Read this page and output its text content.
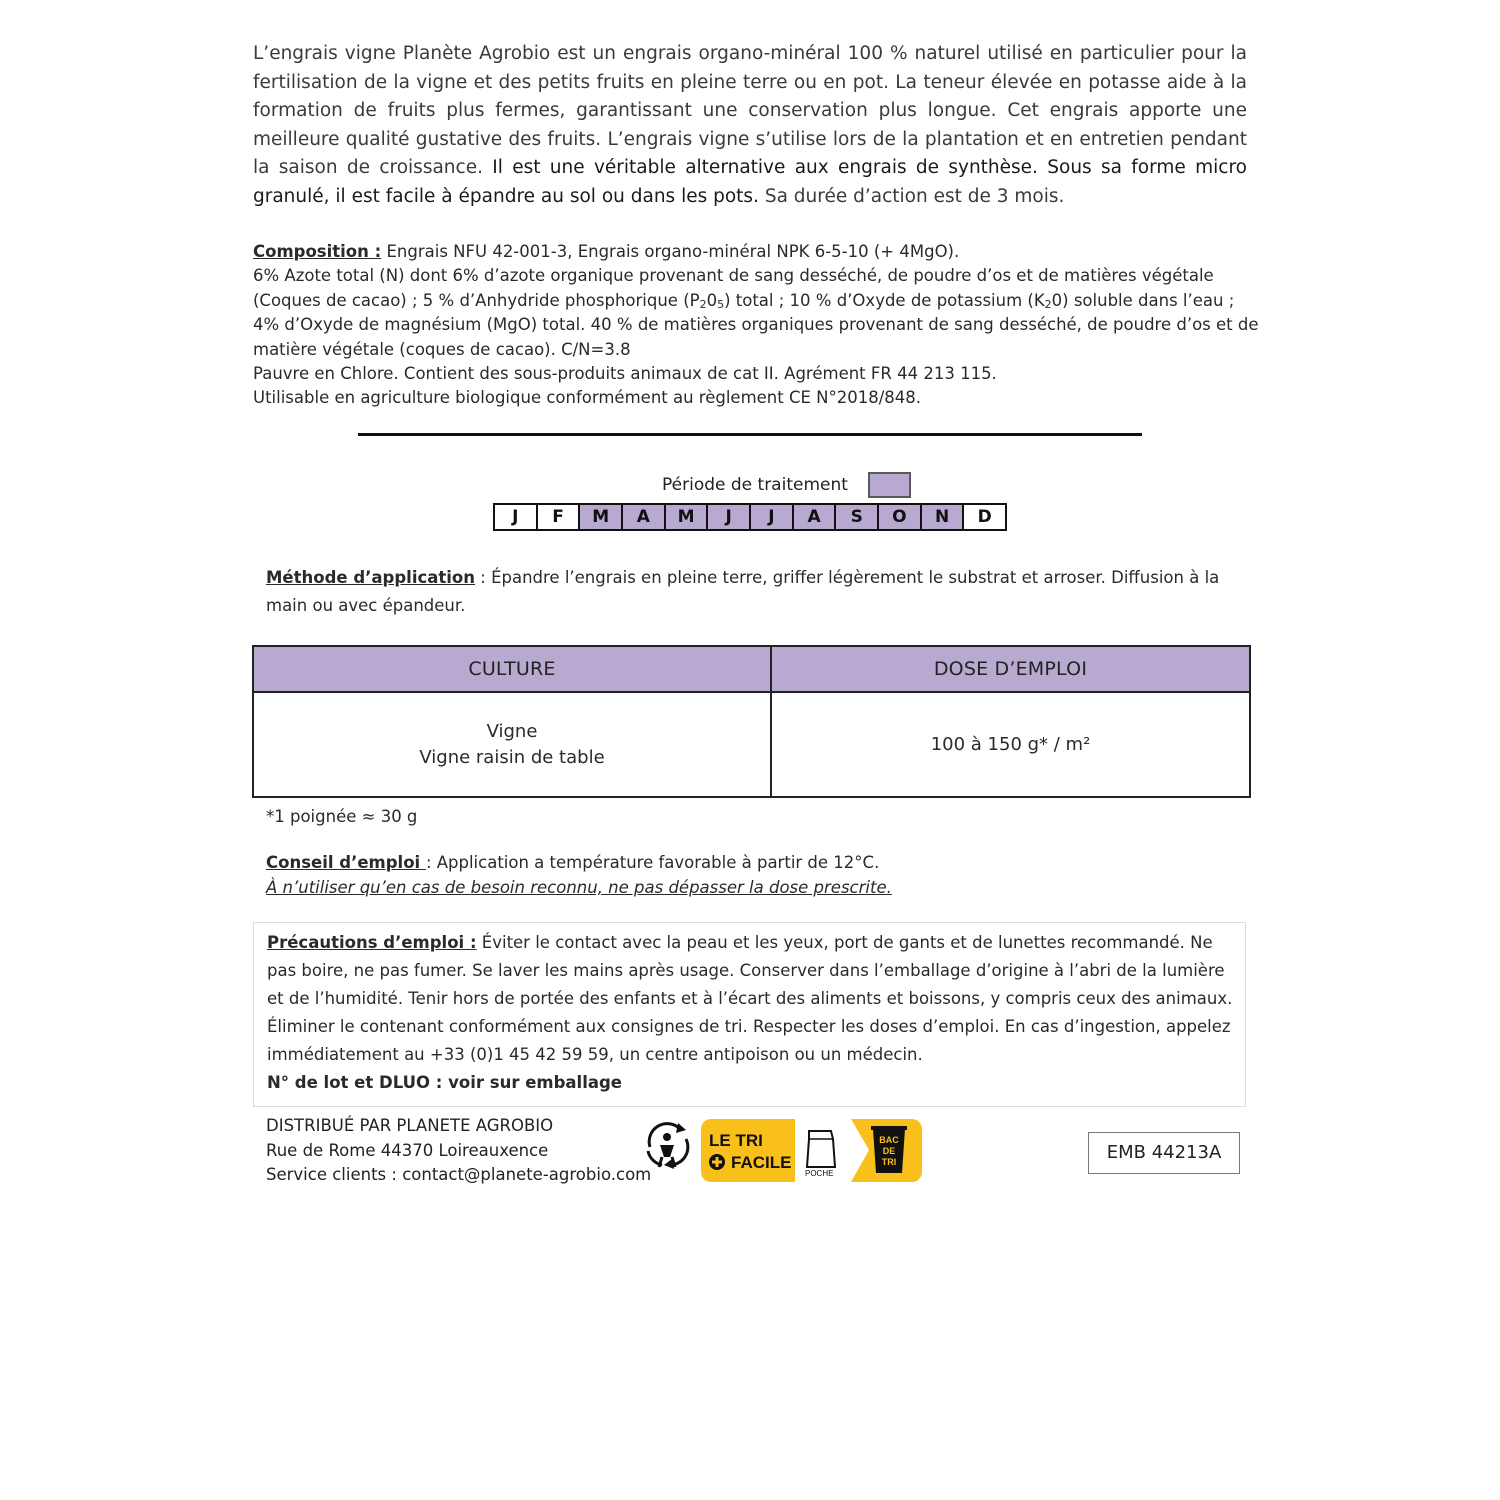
L’engrais vigne Planète Agrobio est un engrais organo-minéral 100 % naturel utilisé en particulier pour la fertilisation de la vigne et des petits fruits en pleine terre ou en pot. La teneur élevée en potasse aide à la formation de fruits plus fermes, garantissant une conservation plus longue. Cet engrais apporte une meilleure qualité gustative des fruits. L’engrais vigne s’utilise lors de la plantation et en entretien pendant la saison de croissance. Il est une véritable alternative aux engrais de synthèse. Sous sa forme micro granulé, il est facile à épandre au sol ou dans les pots. Sa durée d’action est de 3 mois.

Composition : Engrais NFU 42-001-3, Engrais organo-minéral NPK 6-5-10 (+ 4MgO).

6% Azote total (N) dont 6% d’azote organique provenant de sang desséché, de poudre d’os et de matières végétale

(Coques de cacao) ; 5 % d’Anhydride phosphorique $(P_20_5)$ total ; 10 % d’Oxyde de potassium $(K_20)$ soluble dans l’eau ;

4% d’Oxyde de magnésium (MgO) total. 40 % de matières organiques provenant de sang desséché, de poudre d’os et de

matière végétale (coques de cacao). C/N=3.8

Pauvre en Chlore. Contient des sous-produits animaux de cat II. Agrément FR 44 213 115.

Utilisable en agriculture biologique conformément au règlement CE N°2018/848.

Période de traitement
J	F	M	A	M	J	J	A	S	O	N	D
Méthode d’application : Épandre l’engrais en pleine terre, griffer légèrement le substrat et arroser. Diffusion à la main ou avec épandeur.
CULTURE	DOSE D’EMPLOI

Vigne
Vigne raisin de table	100 à 150 g* / m²
*1 poignée ≈ 30 g
Conseil d’emploi : Application a température favorable à partir de 12°C.
À n’utiliser qu’en cas de besoin reconnu, ne pas dépasser la dose prescrite.
Précautions d’emploi : Éviter le contact avec la peau et les yeux, port de gants et de lunettes recommandé. Ne pas boire, ne pas fumer. Se laver les mains après usage. Conserver dans l’emballage d’origine à l’abri de la lumière et de l’humidité. Tenir hors de portée des enfants et à l’écart des aliments et boissons, y compris ceux des animaux. Éliminer le contenant conformément aux consignes de tri. Respecter les doses d’emploi. En cas d’ingestion, appelez immédiatement au +33 (0)1 45 42 59 59, un centre antipoison ou un médecin.
N° de lot et DLUO : voir sur emballage
DISTRIBUÉ PAR PLANETE AGROBIO
Rue de Rome 44370 Loireauxence
Service clients : contact@planete-agrobio.com
LE TRI
FACILE
POCHE
BAC
DE
TRI	EMB 44213A
